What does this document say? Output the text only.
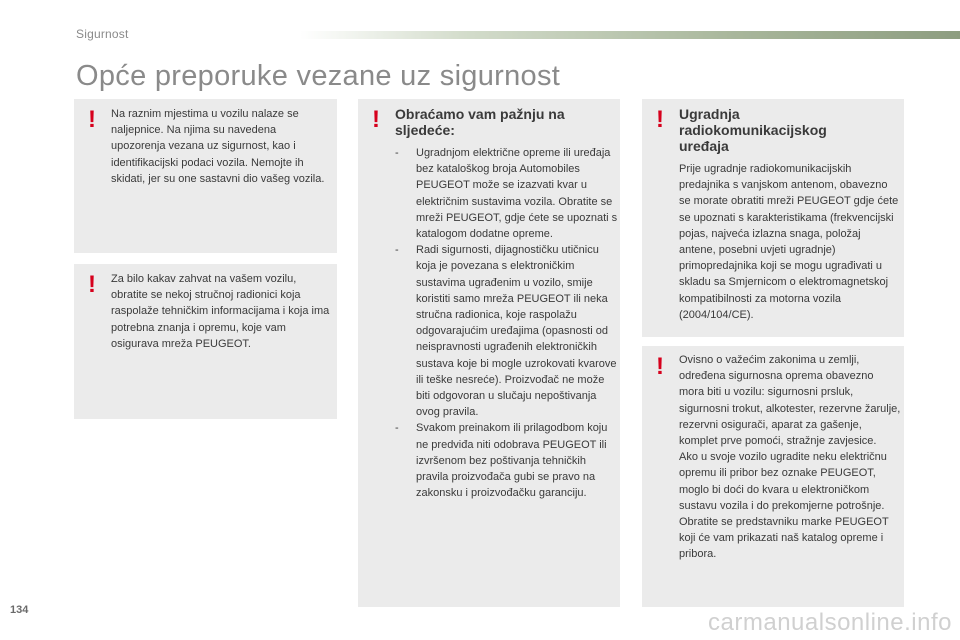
Sigurnost
Opće preporuke vezane uz sigurnost
! Na raznim mjestima u vozilu nalaze se naljepnice. Na njima su navedena upozorenja vezana uz sigurnost, kao i identifikacijski podaci vozila. Nemojte ih skidati, jer su one sastavni dio vašeg vozila.

! Za bilo kakav zahvat na vašem vozilu, obratite se nekoj stručnoj radionici koja raspolaže tehničkim informacijama i koja ima potrebna znanja i opremu, koje vam osigurava mreža PEUGEOT.

! Obraćamo vam pažnju na sljedeće:
- Ugradnjom električne opreme ili uređaja bez kataloškog broja Automobiles PEUGEOT može se izazvati kvar u električnim sustavima vozila. Obratite se mreži PEUGEOT, gdje ćete se upoznati s katalogom dodatne opreme.
- Radi sigurnosti, dijagnostičku utičnicu koja je povezana s elektroničkim sustavima ugrađenim u vozilo, smije koristiti samo mreža PEUGEOT ili neka stručna radionica, koje raspolažu odgovarajućim uređajima (opasnosti od neispravnosti ugrađenih elektroničkih sustava koje bi mogle uzrokovati kvarove ili teške nesreće). Proizvođač ne može biti odgovoran u slučaju nepoštivanja ovog pravila.
- Svakom preinakom ili prilagodbom koju ne predviđa niti odobrava PEUGEOT ili izvršenom bez poštivanja tehničkih pravila proizvođača gubi se pravo na zakonsku i proizvođačku garanciju.
! Ugradnja radiokomunikacijskog uređaja

Prije ugradnje radiokomunikacijskih predajnika s vanjskom antenom, obavezno se morate obratiti mreži PEUGEOT gdje ćete se upoznati s karakteristikama (frekvencijski pojas, najveća izlazna snaga, položaj antene, posebni uvjeti ugradnje) primopredajnika koji se mogu ugrađivati u skladu sa Smjernicom o elektromagnetskoj kompatibilnosti za motorna vozila (2004/104/CE).

! Ovisno o važećim zakonima u zemlji, određena sigurnosna oprema obavezno mora biti u vozilu: sigurnosni prsluk, sigurnosni trokut, alkotester, rezervne žarulje, rezervni osigurači, aparat za gašenje, komplet prve pomoći, stražnje zavjesice.
Ako u svoje vozilo ugradite neku električnu opremu ili pribor bez oznake PEUGEOT, moglo bi doći do kvara u elektroničkom sustavu vozila i do prekomjerne potrošnje.
Obratite se predstavniku marke PEUGEOT koji će vam prikazati naš katalog opreme i pribora.
134	carmanualsonline.info
